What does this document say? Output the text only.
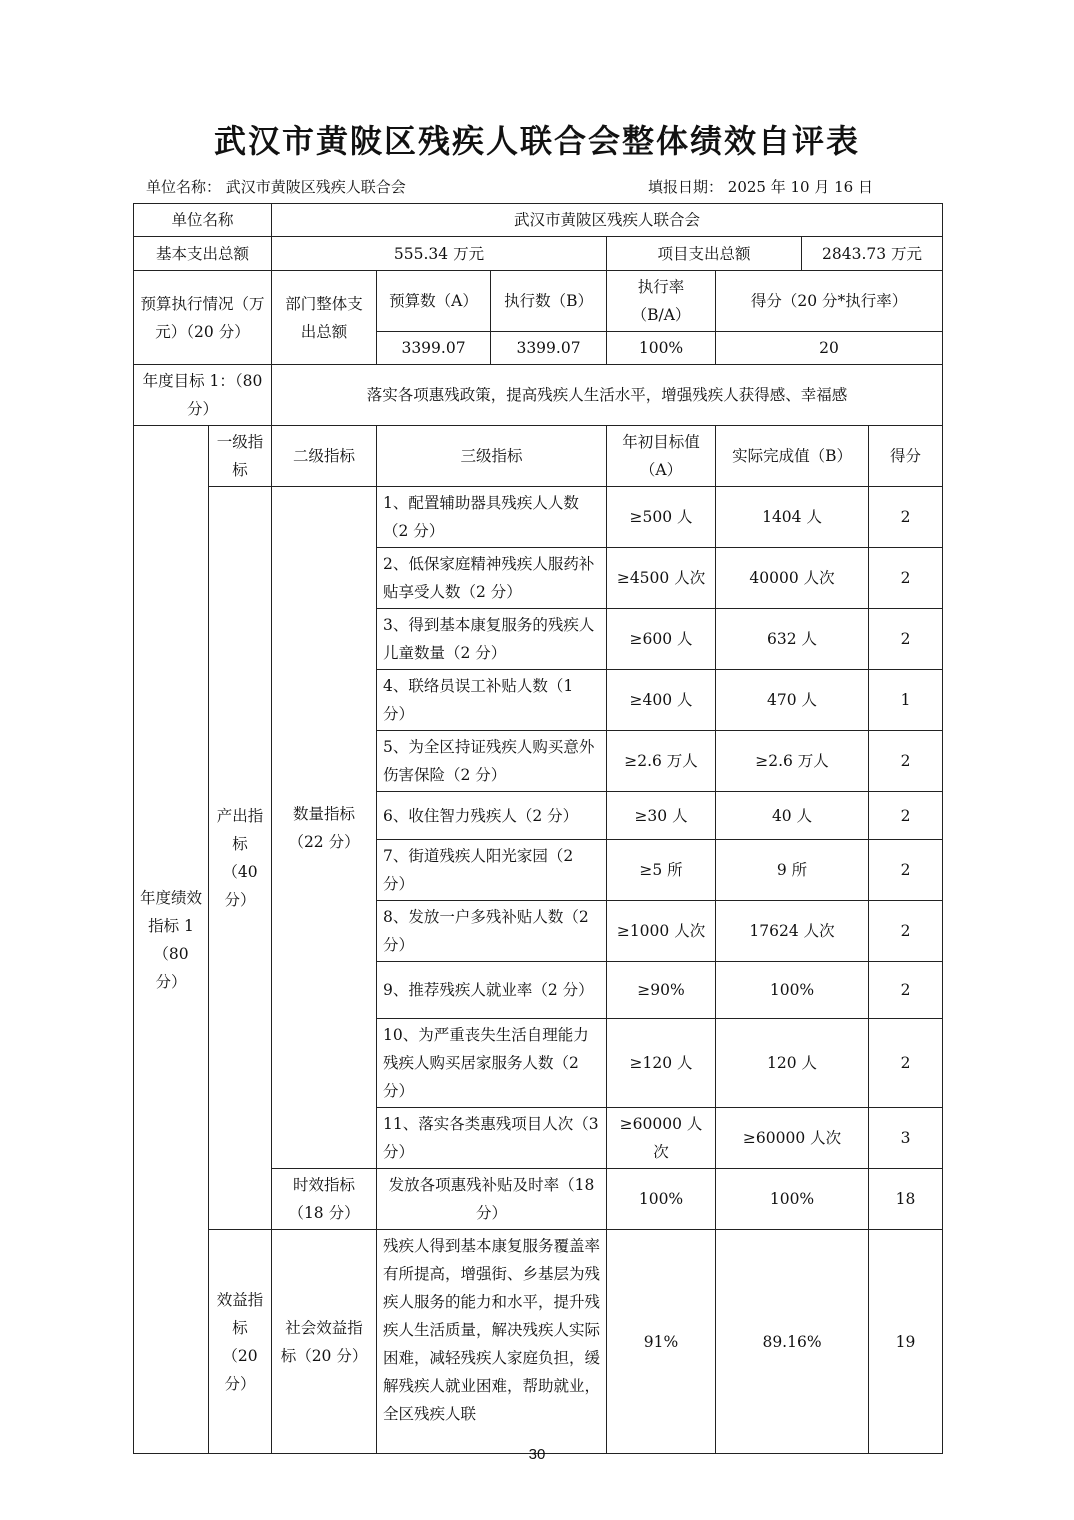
武汉市黄陂区残疾人联合会整体绩效自评表
单位名称： 武汉市黄陂区残疾人联合会	填报日期： 2025 年 10 月 16 日
单位名称		武汉市黄陂区残疾人联合会						
基本支出总额		555.34 万元			项目支出总额		2843.73 万元	
预算执行情况（万元）（20 分）		部门整体支出总额	预算数（A）	执行数（B）	执行率（B/A）	得分（20 分*执行率）		
			3399.07	3399.07	100%	20		
年度目标 1：（80 分）		落实各项惠残政策，提高残疾人生活水平，增强残疾人获得感、幸福感						
年度绩效指标 1（80 分）	一级指标	二级指标	三级指标		年初目标值（A）	实际完成值（B）		得分
	产出指标（40 分）	数量指标（22 分）	1、配置辅助器具残疾人人数（2 分）		≥500 人	1404 人		2
			2、低保家庭精神残疾人服药补贴享受人数（2 分）		≥4500 人次	40000 人次		2
			3、得到基本康复服务的残疾人儿童数量（2 分）		≥600 人	632 人		2
			4、联络员误工补贴人数（1 分）		≥400 人	470 人		1
			5、为全区持证残疾人购买意外伤害保险（2 分）		≥2.6 万人	≥2.6 万人		2
			6、收住智力残疾人（2 分）		≥30 人	40 人		2
			7、街道残疾人阳光家园（2 分）		≥5 所	9 所		2
			8、发放一户多残补贴人数（2 分）		≥1000 人次	17624 人次		2
			9、推荐残疾人就业率（2 分）		≥90%	100%		2
			10、为严重丧失生活自理能力残疾人购买居家服务人数（2 分）		≥120 人	120 人		2
			11、落实各类惠残项目人次（3 分）		≥60000 人次	≥60000 人次		3
		时效指标（18 分）	发放各项惠残补贴及时率（18 分）		100%	100%		18
	效益指标（20 分）	社会效益指标（20 分）	残疾人得到基本康复服务覆盖率有所提高，增强街、乡基层为残疾人服务的能力和水平，提升残疾人生活质量，解决残疾人实际困难，减轻残疾人家庭负担，缓解残疾人就业困难，帮助就业，全区残疾人联		91%	89.16%		19
30
